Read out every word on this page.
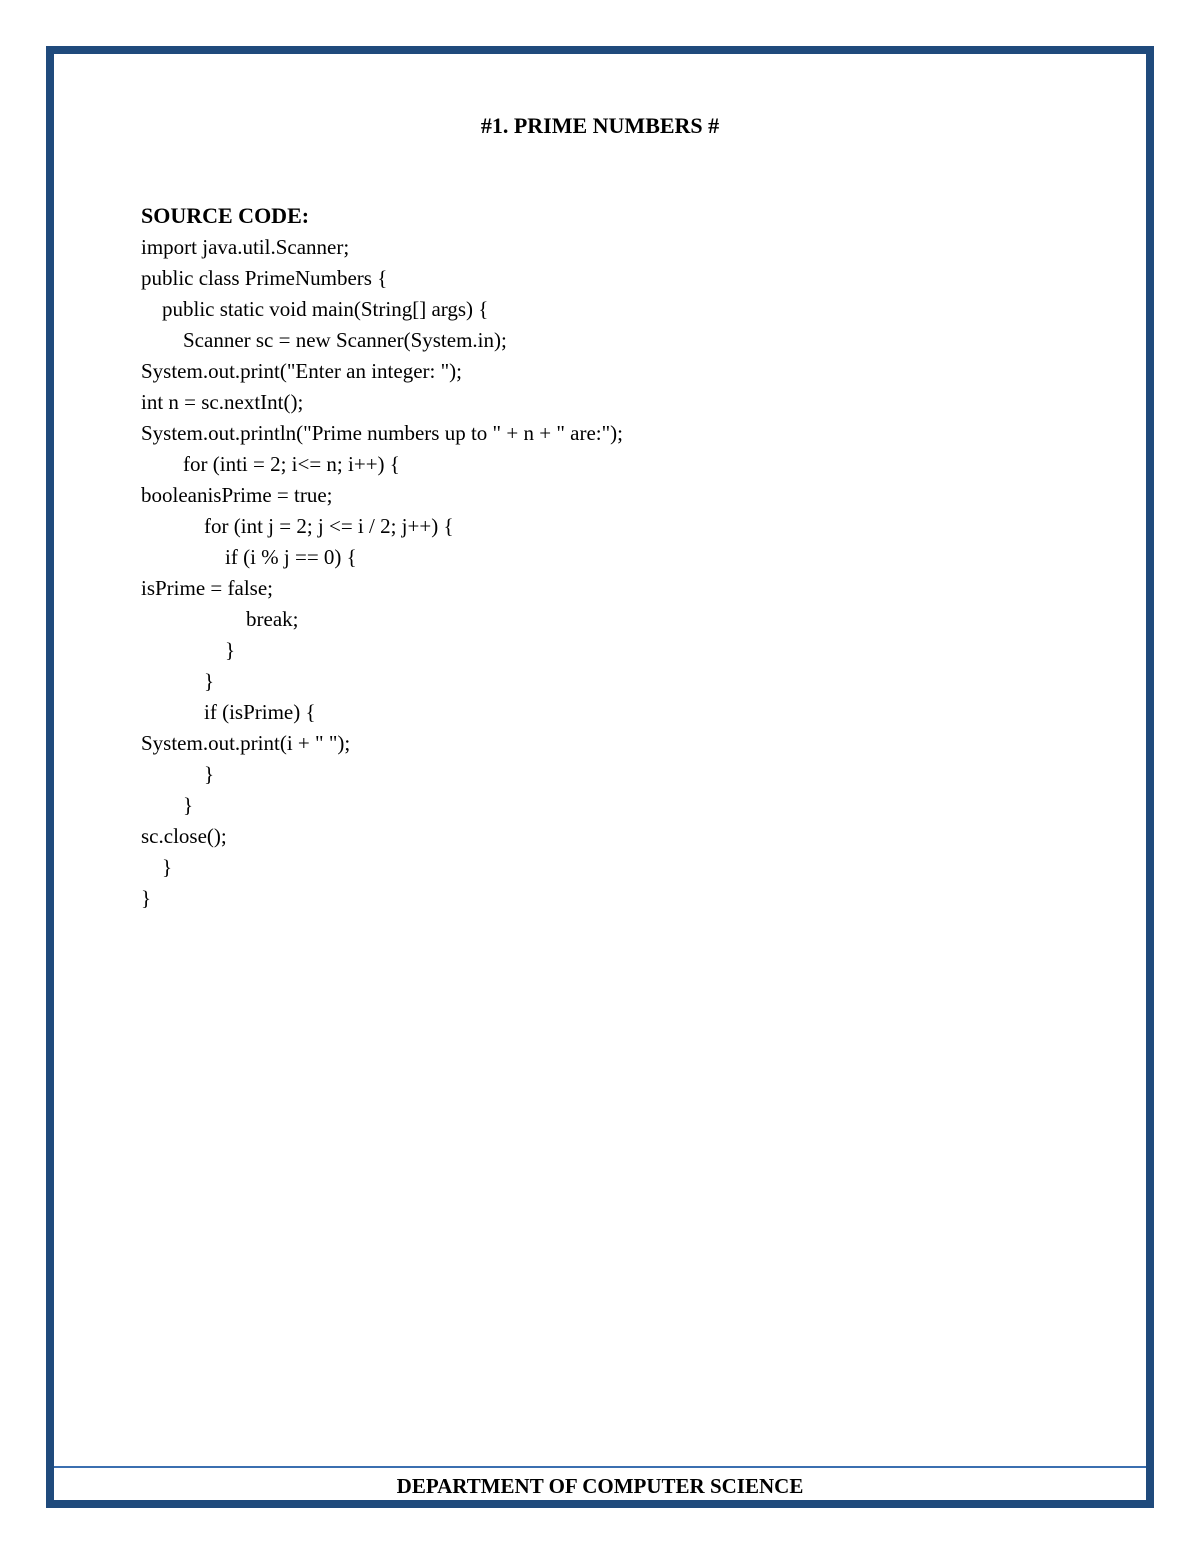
#1. PRIME NUMBERS #
SOURCE CODE:
import java.util.Scanner;
public class PrimeNumbers {
public static void main(String[] args) {
Scanner sc = new Scanner(System.in);
System.out.print("Enter an integer: ");
int n = sc.nextInt();
System.out.println("Prime numbers up to " + n + " are:");
for (inti = 2; i<= n; i++) {
booleanisPrime = true;
for (int j = 2; j <= i / 2; j++) {
if (i % j == 0) {
isPrime = false;
break;
}
}
if (isPrime) {
System.out.print(i + " ");
}
}
sc.close();
}
}
DEPARTMENT OF COMPUTER SCIENCE
